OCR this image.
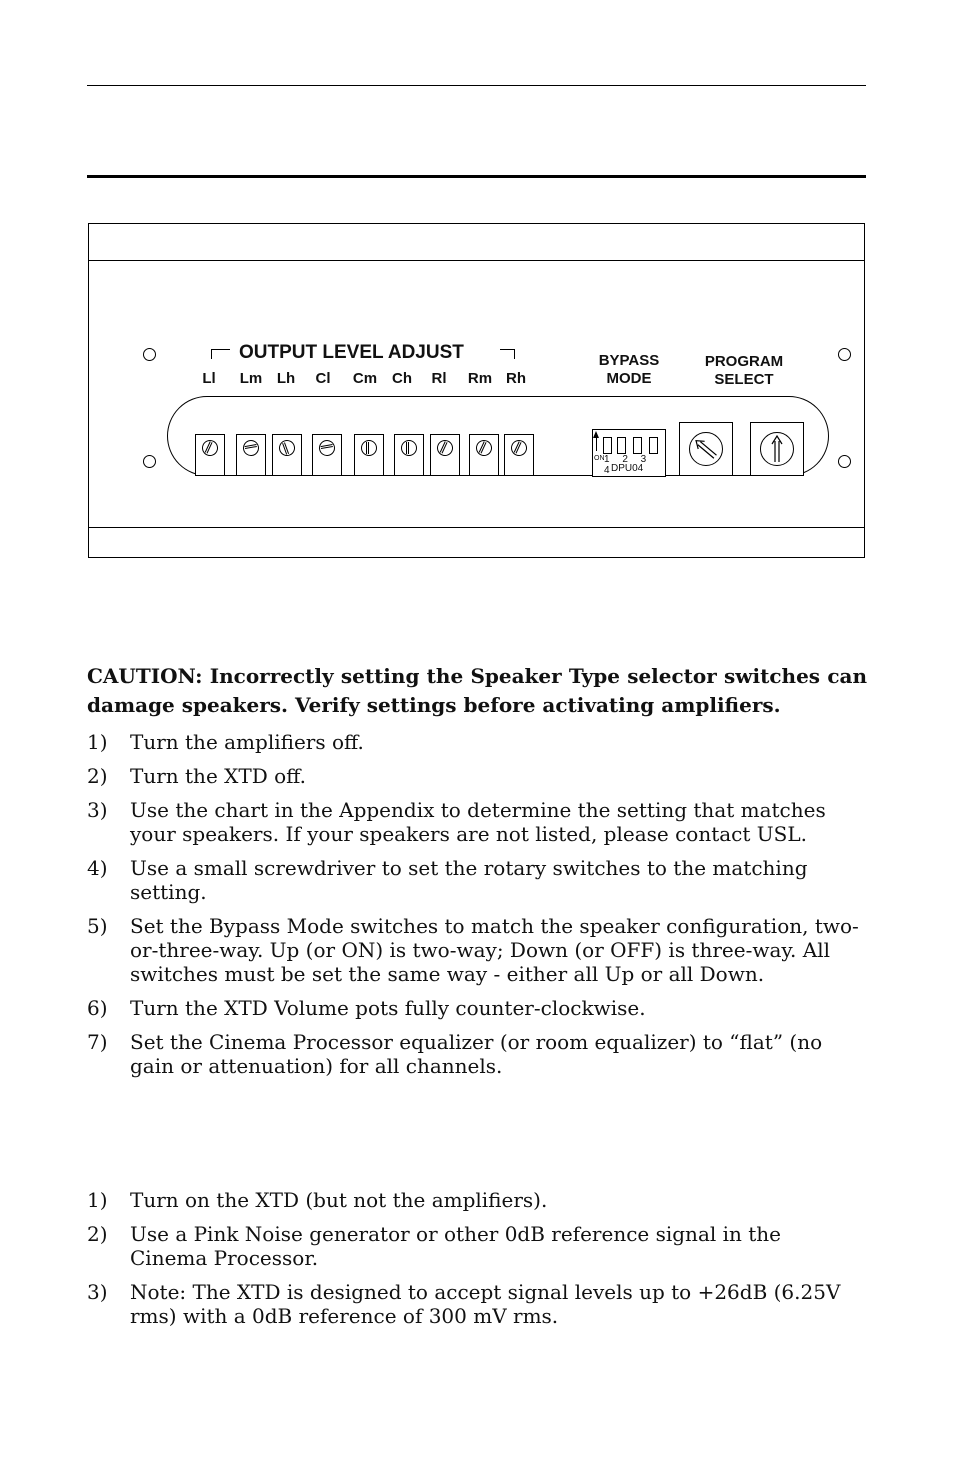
OUTPUT LEVEL ADJUST
Ll	Lm Lh	Cl	Cm Ch	Rl	Rm Rh
BYPASS
MODE
PROGRAM
SELECT
ON 1 2 3 4
DPU04
CAUTION: Incorrectly setting the Speaker Type selector switches can damage speakers. Verify settings before activating amplifiers.
1) Turn the amplifiers off.
2) Turn the XTD off.
3) Use the chart in the Appendix to determine the setting that matches your speakers. If your speakers are not listed, please contact USL.
4) Use a small screwdriver to set the rotary switches to the matching setting.
5) Set the Bypass Mode switches to match the speaker configuration, two-or-three-way. Up (or ON) is two-way; Down (or OFF) is three-way. All switches must be set the same way - either all Up or all Down.
6) Turn the XTD Volume pots fully counter-clockwise.
7) Set the Cinema Processor equalizer (or room equalizer) to “flat” (no gain or attenuation) for all channels.
1) Turn on the XTD (but not the amplifiers).
2) Use a Pink Noise generator or other 0dB reference signal in the Cinema Processor.
3) Note: The XTD is designed to accept signal levels up to +26dB (6.25V rms) with a 0dB reference of 300 mV rms.
